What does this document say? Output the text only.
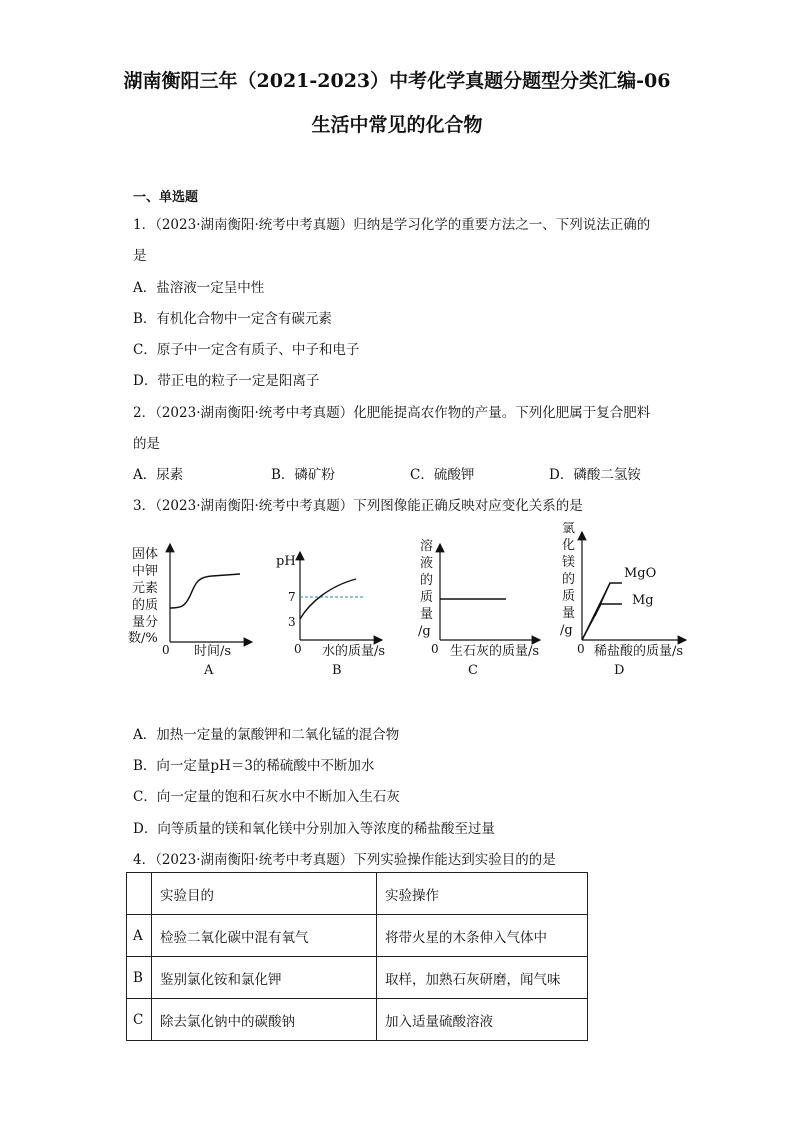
湖南衡阳三年（2021-2023）中考化学真题分题型分类汇编-06
生活中常见的化合物
一、单选题
1．（2023·湖南衡阳·统考中考真题）归纳是学习化学的重要方法之一、下列说法正确的
是
A．盐溶液一定呈中性
B．有机化合物中一定含有碳元素
C．原子中一定含有质子、中子和电子
D．带正电的粒子一定是阳离子
2．（2023·湖南衡阳·统考中考真题）化肥能提高农作物的产量。下列化肥属于复合肥料
的是
A．尿素	B．磷矿粉	C．硫酸钾	D．磷酸二氢铵
3．（2023·湖南衡阳·统考中考真题）下列图像能正确反映对应变化关系的是
固体
中钾
元素
的质
量分
数/%
0 时间/s
A
pH
7
3
0 水的质量/s
B
溶
液
的
质
量
/g
0 生石灰的质量/s
C
氯
化
镁
的
质
量
/g
MgO
Mg
0 稀盐酸的质量/s
D
A．加热一定量的氯酸钾和二氧化锰的混合物
B．向一定量pH＝3的稀硫酸中不断加水
C．向一定量的饱和石灰水中不断加入生石灰
D．向等质量的镁和氧化镁中分别加入等浓度的稀盐酸至过量
4．（2023·湖南衡阳·统考中考真题）下列实验操作能达到实验目的的是
	实验目的	实验操作
A	检验二氧化碳中混有氧气	将带火星的木条伸入气体中
B	鉴别氯化铵和氯化钾	取样，加熟石灰研磨，闻气味
C	除去氯化钠中的碳酸钠	加入适量硫酸溶液
